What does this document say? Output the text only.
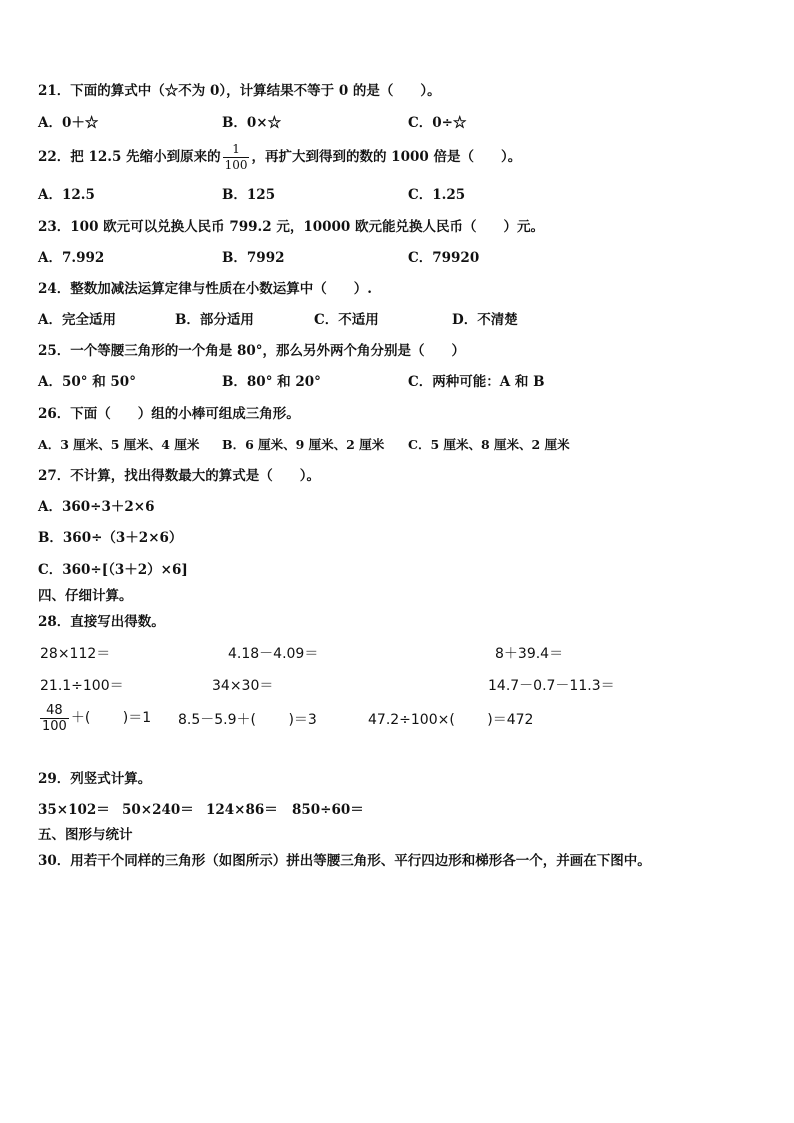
21．下面的算式中（☆不为 0），计算结果不等于 0 的是（　　）。
A．0＋☆	B．0×☆	C．0÷☆
22．把 12.5 先缩小到原来的 $\frac{1}{100}$ ，再扩大到得到的数的 1000 倍是（　　）。
A．12.5	B．125	C．1.25
23．100 欧元可以兑换人民币 799.2 元，10000 欧元能兑换人民币（　　）元。
A．7.992	B．7992	C．79920
24．整数加减法运算定律与性质在小数运算中（　　）.
A．完全适用	B．部分适用	C．不适用	D．不清楚
25．一个等腰三角形的一个角是 80°，那么另外两个角分别是（　　）
A．50° 和 50°	B．80° 和 20°	C．两种可能：A 和 B
26．下面（　　）组的小棒可组成三角形。
A．3 厘米、5 厘米、4 厘米 B．6 厘米、9 厘米、2 厘米 C．5 厘米、8 厘米、2 厘米
27．不计算，找出得数最大的算式是（　　）。
A．360÷3＋2×6
B．360÷（3＋2×6）
C．360÷[（3＋2）×6]
四、仔细计算。
28．直接写出得数。
28×112＝	4.18－4.09＝	8＋39.4＝
21.1÷100＝	34×30＝	14.7－0.7－11.3＝
$\frac{48}{100}$ ＋(　　 )＝1 8.5－5.9＋(　　 )＝3	47.2÷100×(　　 )＝472
29．列竖式计算。
35×102＝ 50×240＝ 124×86＝ 850÷60＝
五、图形与统计
30．用若干个同样的三角形（如图所示）拼出等腰三角形、平行四边形和梯形各一个，并画在下图中。
